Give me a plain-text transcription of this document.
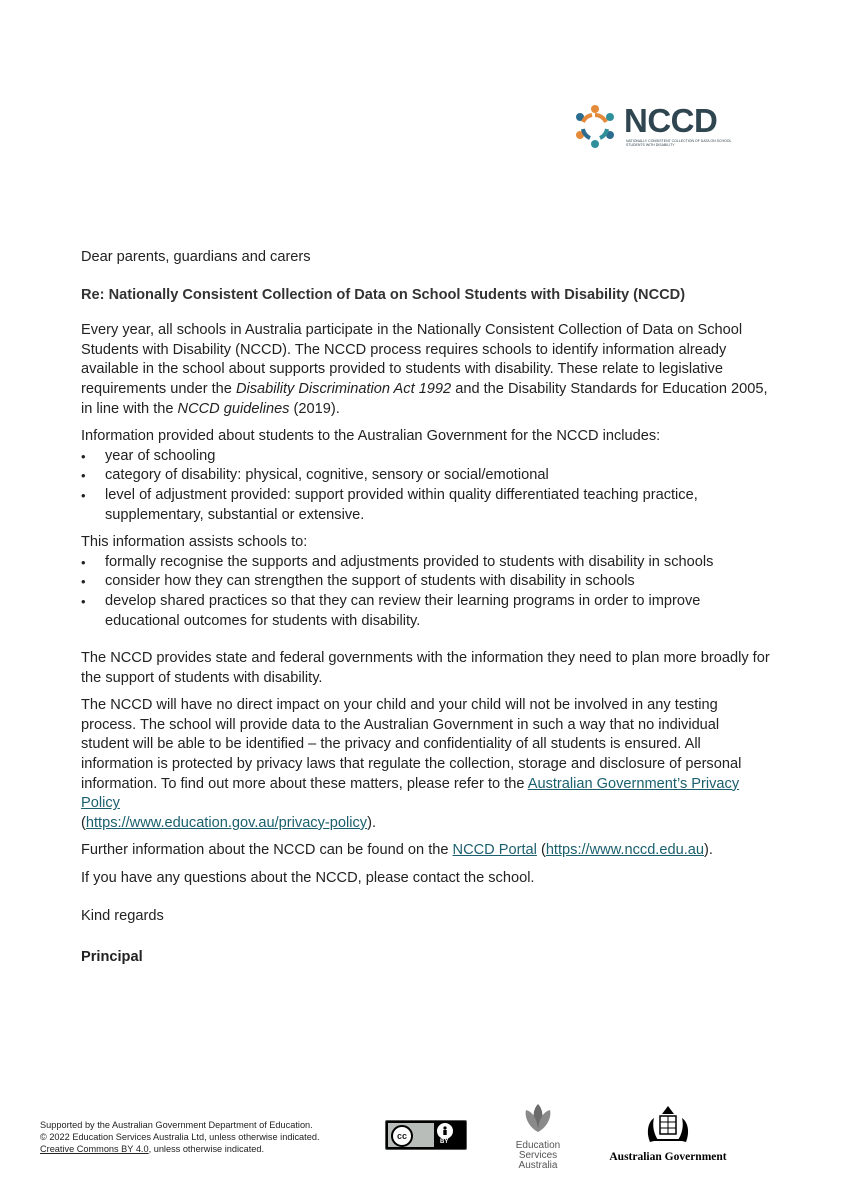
NCCD
NATIONALLY CONSISTENT COLLECTION OF DATA ON SCHOOL STUDENTS WITH DISABILITY

Dear parents, guardians and carers

Re: Nationally Consistent Collection of Data on School Students with Disability (NCCD)

Every year, all schools in Australia participate in the Nationally Consistent Collection of Data on School Students with Disability (NCCD). The NCCD process requires schools to identify information already available in the school about supports provided to students with disability. These relate to legislative requirements under the Disability Discrimination Act 1992 and the Disability Standards for Education 2005, in line with the NCCD guidelines (2019).

Information provided about students to the Australian Government for the NCCD includes:

• year of schooling
• category of disability: physical, cognitive, sensory or social/emotional
• level of adjustment provided: support provided within quality differentiated teaching practice, supplementary, substantial or extensive.

This information assists schools to:

• formally recognise the supports and adjustments provided to students with disability in schools
• consider how they can strengthen the support of students with disability in schools
• develop shared practices so that they can review their learning programs in order to improve educational outcomes for students with disability.

The NCCD provides state and federal governments with the information they need to plan more broadly for the support of students with disability.

The NCCD will have no direct impact on your child and your child will not be involved in any testing process. The school will provide data to the Australian Government in such a way that no individual student will be able to be identified – the privacy and confidentiality of all students is ensured. All information is protected by privacy laws that regulate the collection, storage and disclosure of personal information. To find out more about these matters, please refer to the Australian Government’s Privacy Policy
(https://www.education.gov.au/privacy-policy).

Further information about the NCCD can be found on the NCCD Portal (https://www.nccd.edu.au).

If you have any questions about the NCCD, please contact the school.

Kind regards

Principal

Supported by the Australian Government Department of Education.
© 2022 Education Services Australia Ltd, unless otherwise indicated.
Creative Commons BY 4.0, unless otherwise indicated.
cc
BY	Education
Services
Australia
Australian Government
